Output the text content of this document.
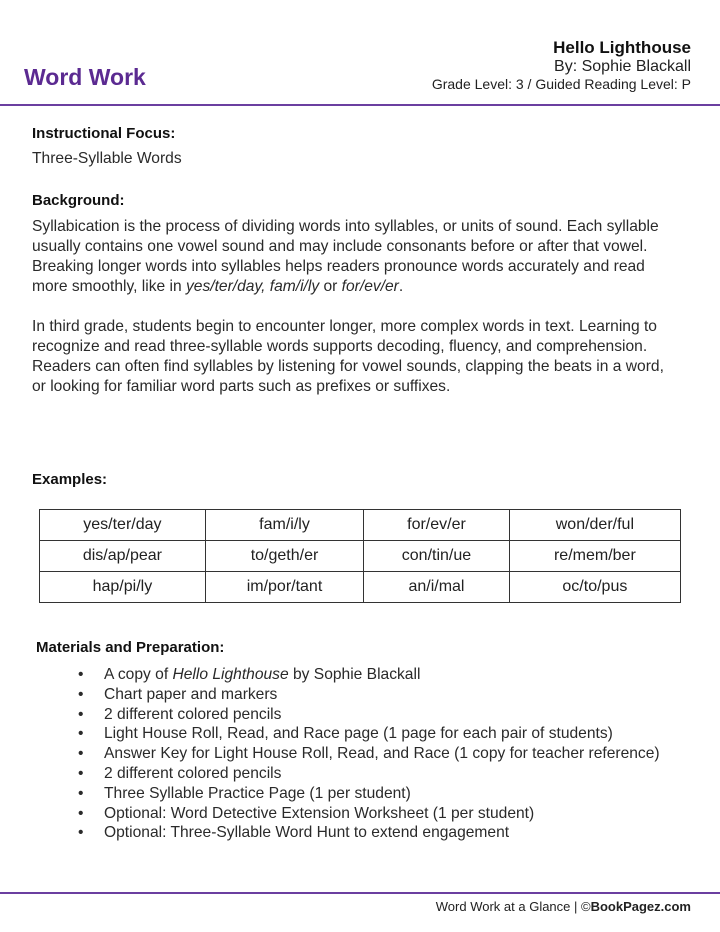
Word Work
Hello Lighthouse
By: Sophie Blackall
Grade Level: 3 / Guided Reading Level: P
Instructional Focus:
Three-Syllable Words
Background:
Syllabication is the process of dividing words into syllables, or units of sound. Each syllable usually contains one vowel sound and may include consonants before or after that vowel. Breaking longer words into syllables helps readers pronounce words accurately and read more smoothly, like in yes/ter/day, fam/i/ly or for/ev/er.
In third grade, students begin to encounter longer, more complex words in text. Learning to recognize and read three-syllable words supports decoding, fluency, and comprehension. Readers can often find syllables by listening for vowel sounds, clapping the beats in a word, or looking for familiar word parts such as prefixes or suffixes.
Examples:
yes/ter/day	fam/i/ly	for/ev/er	won/der/ful
dis/ap/pear	to/geth/er	con/tin/ue	re/mem/ber
hap/pi/ly	im/por/tant	an/i/mal	oc/to/pus
Materials and Preparation:
• A copy of Hello Lighthouse by Sophie Blackall
• Chart paper and markers
• 2 different colored pencils
• Light House Roll, Read, and Race page (1 page for each pair of students)
• Answer Key for Light House Roll, Read, and Race (1 copy for teacher reference)
• 2 different colored pencils
• Three Syllable Practice Page (1 per student)
• Optional: Word Detective Extension Worksheet (1 per student)
• Optional: Three-Syllable Word Hunt to extend engagement
Word Work at a Glance | ©BookPagez.com
